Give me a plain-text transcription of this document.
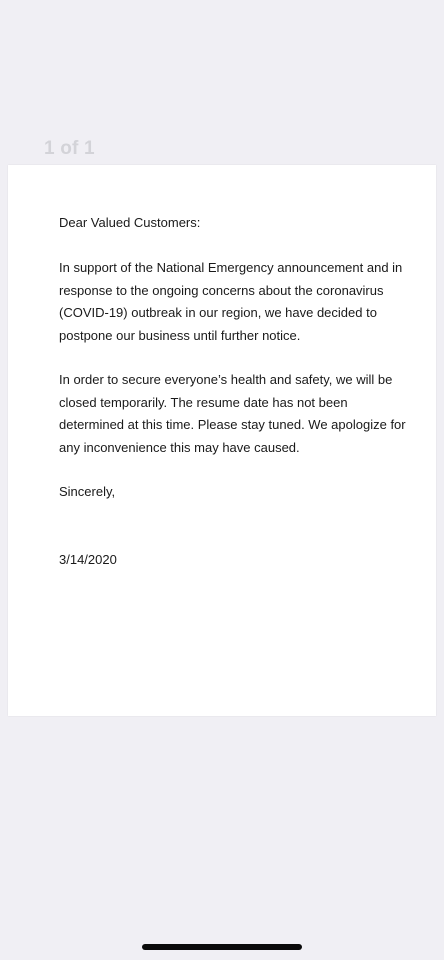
1 of 1

Dear Valued Customers:

In support of the National Emergency announcement and in response to the ongoing concerns about the coronavirus (COVID-19) outbreak in our region, we have decided to postpone our business until further notice.

In order to secure everyone’s health and safety, we will be closed temporarily. The resume date has not been determined at this time. Please stay tuned. We apologize for any inconvenience this may have caused.

Sincerely,

3/14/2020
